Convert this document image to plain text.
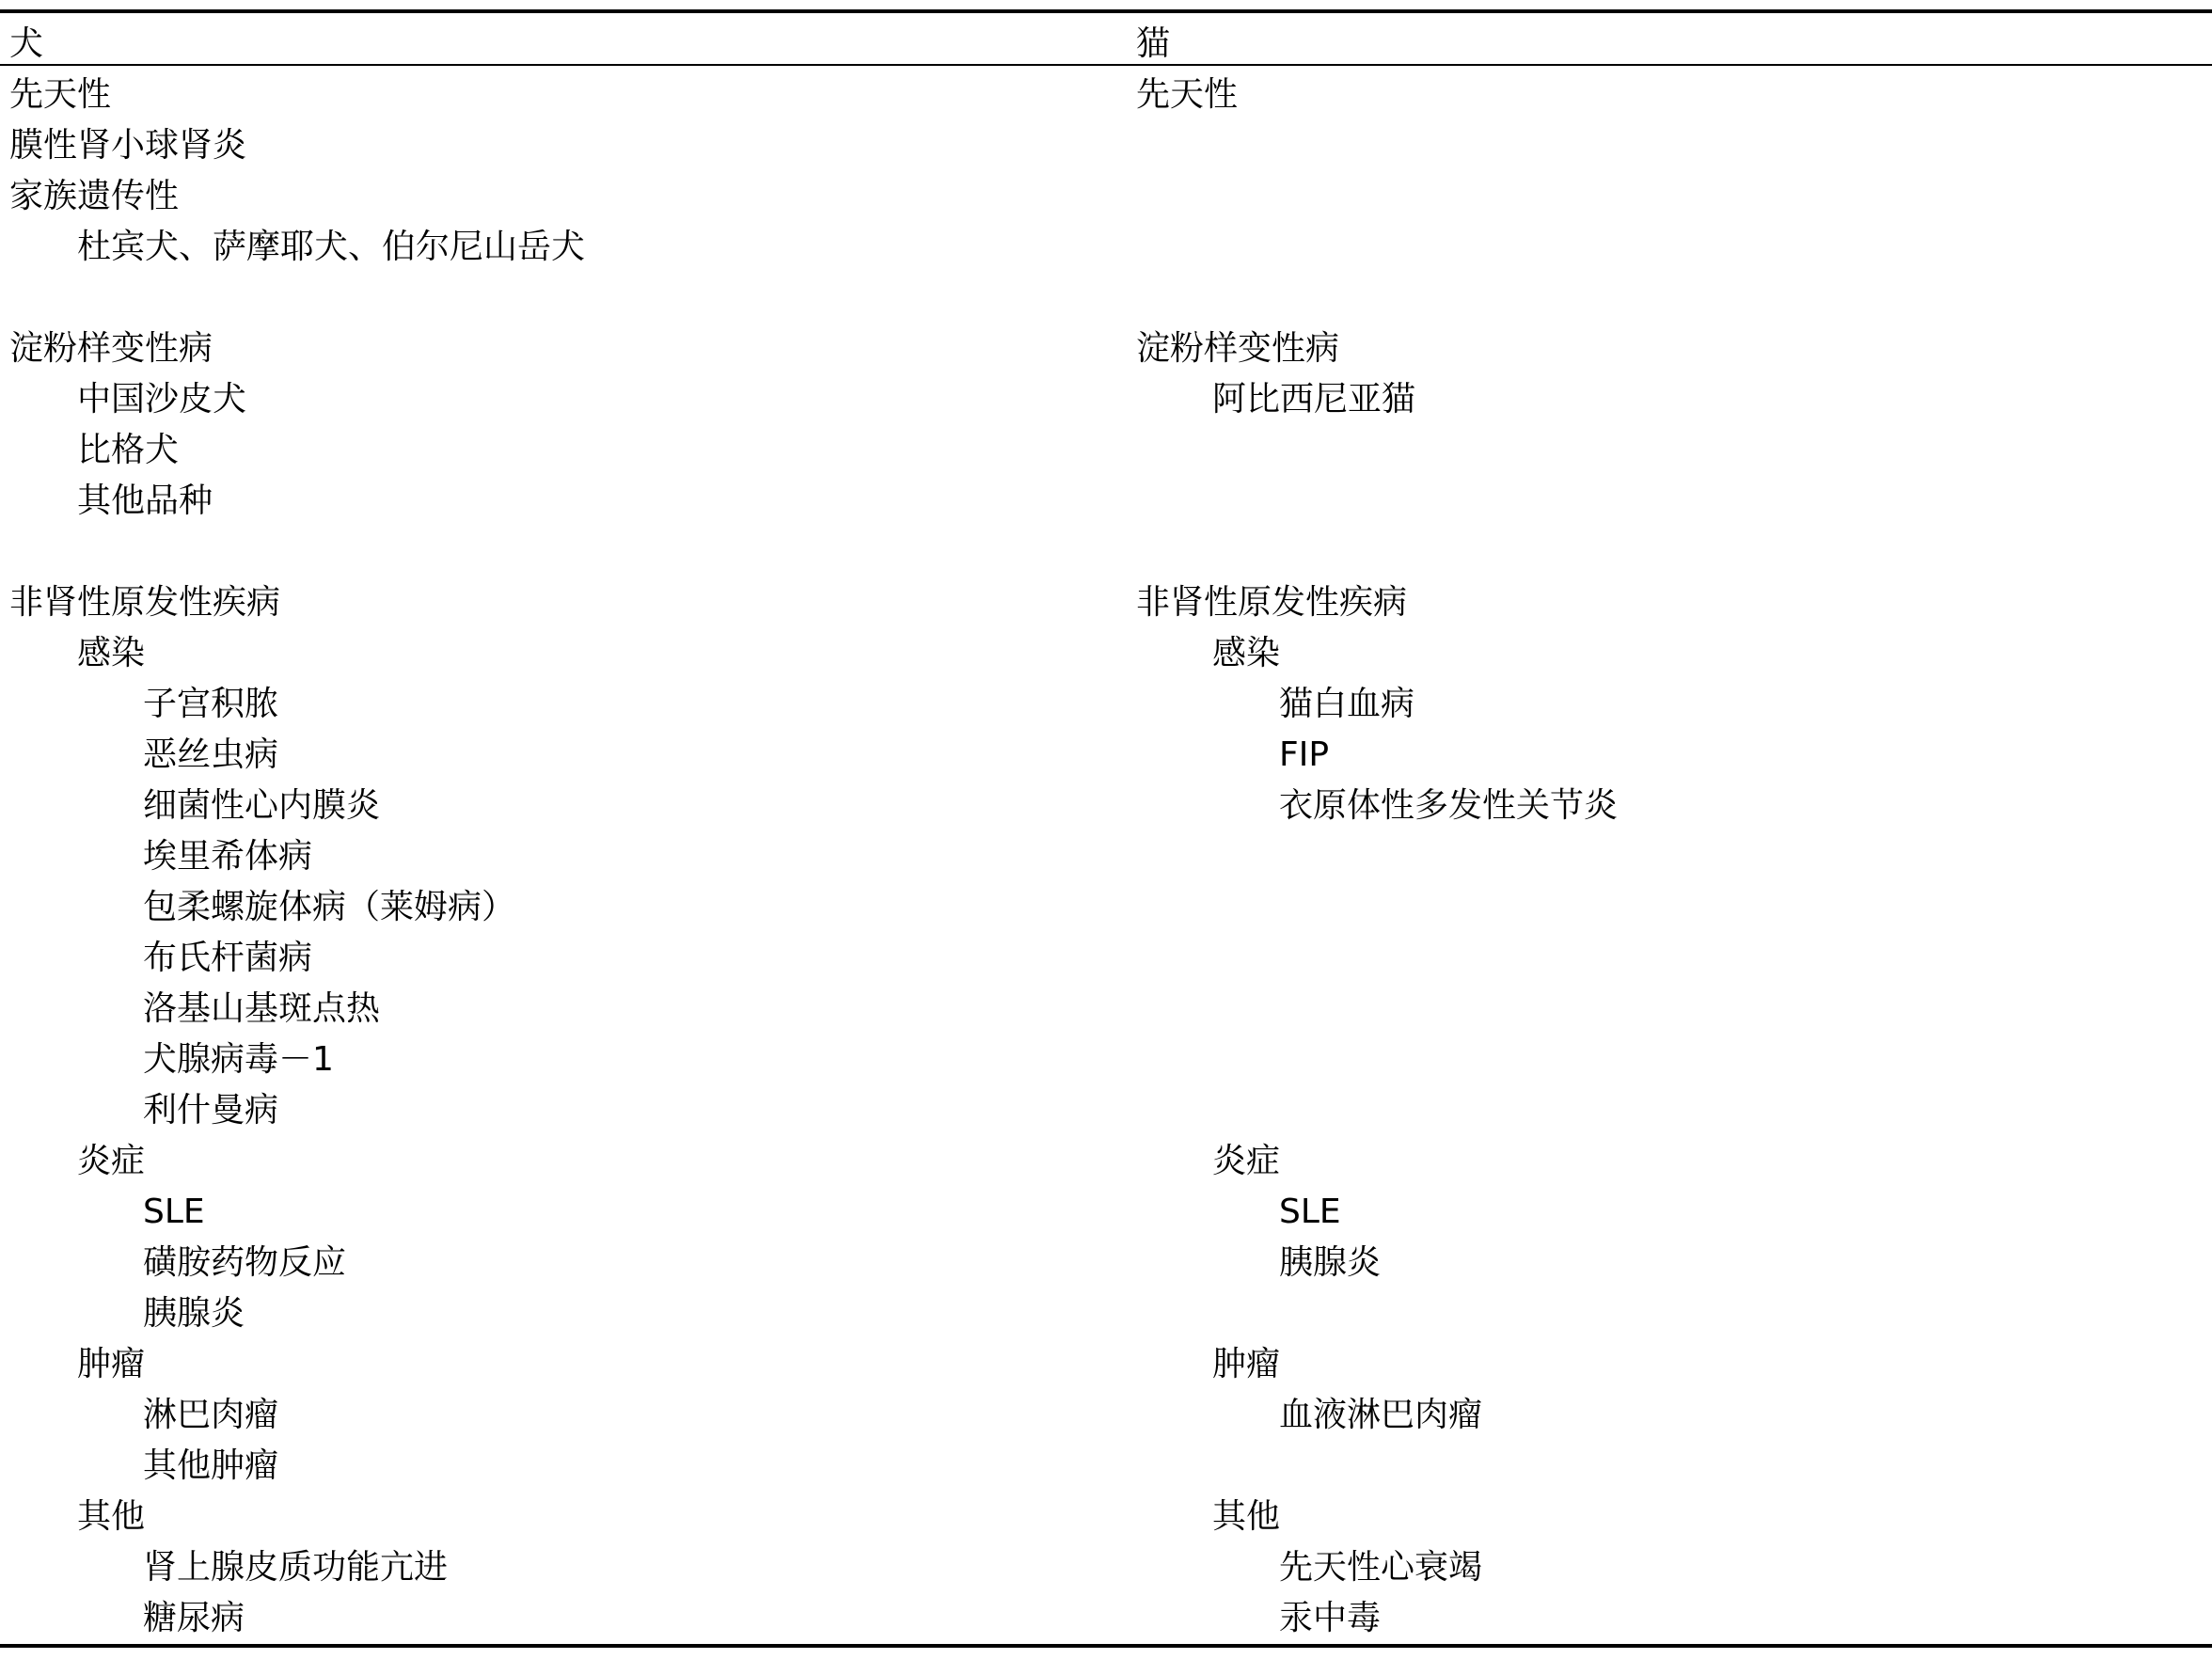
犬	猫
先天性	先天性
膜性肾小球肾炎
家族遗传性
杜宾犬、萨摩耶犬、伯尔尼山岳犬
淀粉样变性病	淀粉样变性病
中国沙皮犬	阿比西尼亚猫
比格犬
其他品种
非肾性原发性疾病	非肾性原发性疾病
感染	感染
子宫积脓	猫白血病
恶丝虫病	FIP
细菌性心内膜炎	衣原体性多发性关节炎
埃里希体病
包柔螺旋体病（莱姆病）
布氏杆菌病
洛基山基斑点热
犬腺病毒－1
利什曼病
炎症	炎症
SLE	SLE
磺胺药物反应	胰腺炎
胰腺炎
肿瘤	肿瘤
淋巴肉瘤	血液淋巴肉瘤
其他肿瘤
其他	其他
肾上腺皮质功能亢进	先天性心衰竭
糖尿病	汞中毒
